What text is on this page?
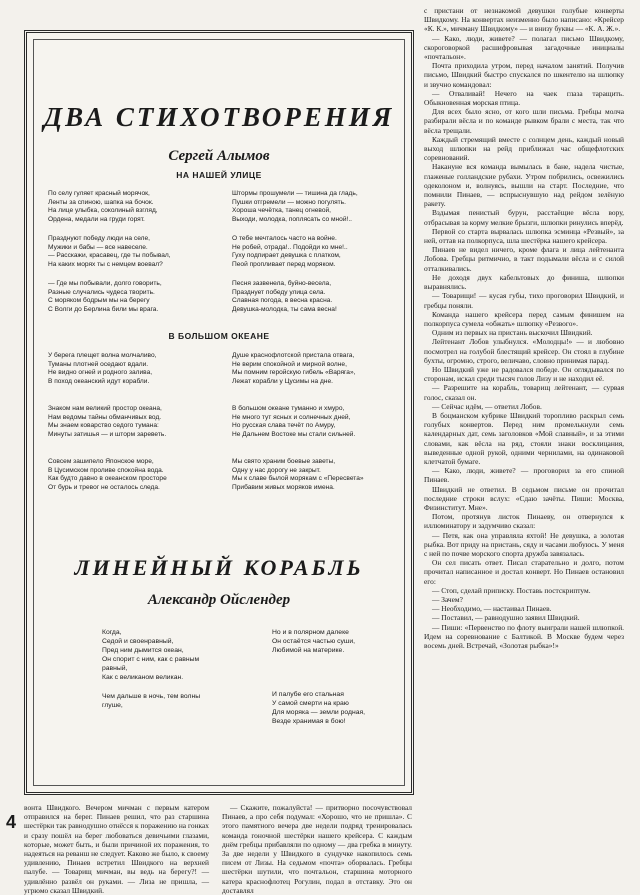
ДВА СТИХОТВОРЕНИЯ
Сергей Алымов
НА НАШЕЙ УЛИЦЕ

По селу гуляет красный морячок,
Ленты за спиною, шапка на бочок.
На лице улыбка, соколиный взгляд,
Ордена, медали на груди горят.

Штормы прошумели — тишина да гладь,
Пушки отгремели — можно погулять.
Хороша чечётка, танец огневой,
Выходи, молодка, поплясать со мной!..

Празднуют победу люди на селе,
Мужики и бабы — все навеселе.
— Расскажи, красавец, где ты побывал,
На каких морях ты с немцем воевал?

О тебе мечталось часто на войне.
Не робей, отрада!.. Подойди ко мне!..
Гуху подпирает девушка с платком,
Пеой пропливает перед моряком.

— Где мы побывали, долго говорить,
Разные случались чудеса творить.
С моряком бодрым мы на берегу
С Волги до Берлина били мы врага.

Песня зазвенела, буйно-весела,
Празднует победу улица села.
Славная погода, в весна красна.
Девушка-молодка, ты сама весна!

В БОЛЬШОМ ОКЕАНЕ

У берега плещет волна молчаливо,
Туманы плотней оседают вдали.
Не видно огней и родного залива,
В поход океанский идут корабли.

Душе краснофлотской пристала отвага,
Не верим спокойной и мирной волне,
Мы помним геройскую гибель «Варяга»,
Лежат корабли у Цусимы на дне.

Знаком нам великий простор океана,
Нам ведомы тайны обманчивых вод.
Мы знаем коварство седого тумана:
Минуты затишья — и шторм зареветь.

В большом океане туманно и хмуро,
Не много тут ясных и солнечных дней,
Но русская слава течёт по Амуру,
Не Дальнем Востоке мы стали сильней.

Совсем зашипело Японское море,
В Цусимском проливе спокойна вода.
Как будто давно в океанском просторе
От бурь и тревог не осталось следа.

Мы свято храним боевые заветы,
Одну у нас дорогу не закрыт.
Мы к славе былой морякам с «Пересвета»
Прибавим живых моряков имена.

ЛИНЕЙНЫЙ КОРАБЛЬ
Александр Ойслендер

Когда,
Седой и своенравный,
Пред ним дымится океан,
Он спорит с ним, как с равным
равный,
Как с великаном великан.

Но и в полярном далеке
Он остаётся частью суши,
Любимой на материке.

Чем дальше в ночь, тем волны
глуше,

И палубе его стальная
У самой смерти на краю
Для моряка — земли родная,
Везде хранимая в бою!

с пристани от незнакомой девушки голубые конверты Швидкому. На конвертах неизменно было написано: «Крейсер «К. К.», мичману Швидкому» — и внизу буквы — «К. А. Ж.».

— Како, люди, живете? — полагал письмо Швидкому, скороговоркой расшифровывая загадочные инициалы «почтальон».

Почта приходила утром, перед началом занятий. Получив письмо, Швидкий быстро спускался по шкентелю на шлюпку и звучно командовал:

— Отваливай! Нечего на чаек глаза таращить. Обыкновенная морская птица.

Для всех было ясно, от кого шли письма. Гребцы молча разбирали вёсла и по команде рывком брали с места, так что вёсла трещали.

Каждый стремящий вместе с солнцем день, каждый новый выход шлюпки на рейд приближал час общефлотских соревнований.

Накануне вся команда вымылась в бане, надела чистые, глаженые голландские рубахи. Утром побрились, освежились одеколоном и, волнуясь, вышли на старт. Последние, что помнили Пинаев, — вспрыснувшую над рейдом зелёную ракету.

Вздымая пенистый бурун, расстаёщие вёсла вору, отбрасывая за корму мелкие брызги, шлюпки ринулись вперёд.

Первой со старта вырвалась шлюпка эсминца «Резвый», за ней, оттав на полкорпуса, шла шестёрка нашего крейсера.

Пинаев не видел ничего, кроме флага и лица лейтенанта Лобова. Гребцы ритмично, в такт подымали вёсла и с силой отталкивались.

Не доходя двух кабельтовых до финиша, шлюпки выравнялись.

— Товарищи! — кусая губы, тихо проговорил Швидкий, и гребцы поняли.

Команда нашего крейсера перед самым финишем на полкорпуса сумела «обжать» шлюпку «Резвого».

Одним из первых на пристань выскочил Швидкий.

Лейтенант Лобов улыбнулся. «Молодцы!» — и любовно посмотрел на голубой блестящий крейсер. Он стоял в глубине бухты, огромно, строго, величаво, словно принимая парад.

Но Швидкий уже не радовался победе. Он оглядывался по сторонам, искал среди тысяч голов Лизу и не находил её.

— Разрешите на корабль, товарищ лейтенант, — сурвая голос, сказал он.

— Сейчас идём, — ответил Лобов.

В боцманском кубрике Швидкий торопливо раскрыл семь голубых конвертов. Перед ним промелькнули семь календарных дат, семь заголовков «Мой славный», и за этими словами, как вёсла на ряд, стояли знаки восклицания, выведенные одной рукой, одними чернилами, на одинаковой клетчатой бумаге.

— Како, люди, живете? — проговорил за его спиной Пинаев.

Швидкий не ответил. В седьмом письме он прочитал последние строки вслух: «Сдаю зачёты. Пиши: Москва, Физинститут. Мне».

Потом, протянув листок Пинаеву, он отвернулся к иллюминатору и задумчиво сказал:

— Петя, как она управляла яхтой! Не девушка, а золотая рыбка. Вот приду на пристань, сяду и часами любуюсь. У меня с ней по почве морского спорта дружба завязалась.

Он сел писать ответ. Писал старательно и долго, потом прочитал написанное и достал конверт. Но Пинаев остановил его:

— Стоп, сделай приписку. Поставь постскриптум.

— Зачем?

— Необходимо, — настаивал Пинаев.

— Поставил, — равнодушно заявил Швидкий.

— Пиши: «Первенство по флоту выиграли нашей шлюпкой. Идем на соревнование с Балтикой. В Москве будем через восемь дней. Встречай, «Золотая рыбка»!»

вонта Швидкого. Вечером мичман с первым катером отправился на берег. Пинаев решил, что раз старшина шестёрки так равнодушно отнёсся к поражению на гонках и сразу пошёл на берег любоваться девичьими глазами, которые, может быть, и были причиной их поражения, то надеяться на реванш не следует. Каково же было, к своему удивлению, Пинаев встретил Швидкого на верхней палубе. — Товарищ мичман, вы ведь на берегу?! — удивлённо развёл он руками. — Лиза не пришла, — угрюмо сказал Швидкий.

— Скажите, пожалуйста! — притворно посочувствовал Пинаев, а про себя подумал: «Хорошо, что не пришла». С этого памятного вечера две недели подряд тренировалась команда гоночной шестёрки нашего крейсера. С каждым днём гребцы прибавляли по одному — два гребка в минуту. За две недели у Швидкого в сундучке накопилось семь писем от Лизы. На седьмом «почта» оборвалась. Гребцы шестёрки шутили, что почтальон, старшина моторного катера краснофлотец Рогулин, подал в отставку. Это он доставлял

4
